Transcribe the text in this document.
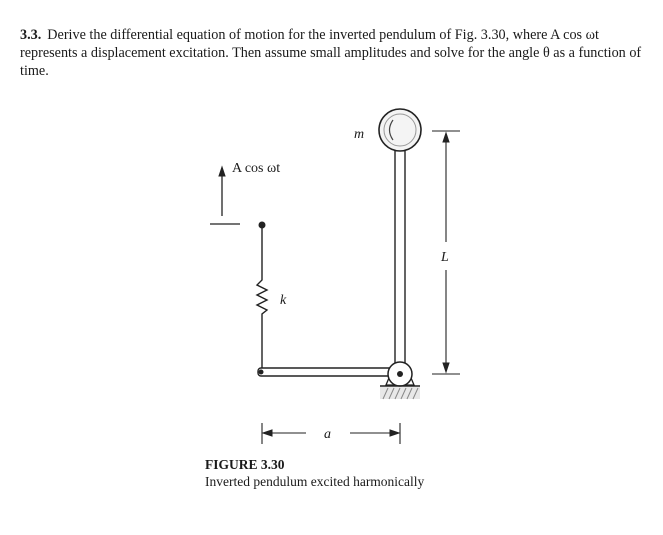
3.3. Derive the differential equation of motion for the inverted pendulum of Fig. 3.30, where A cos ωt represents a displacement excitation. Then assume small amplitudes and solve for the angle θ as a function of time.
A cos ωt
k
m
L
a
FIGURE 3.30
Inverted pendulum excited harmonically
